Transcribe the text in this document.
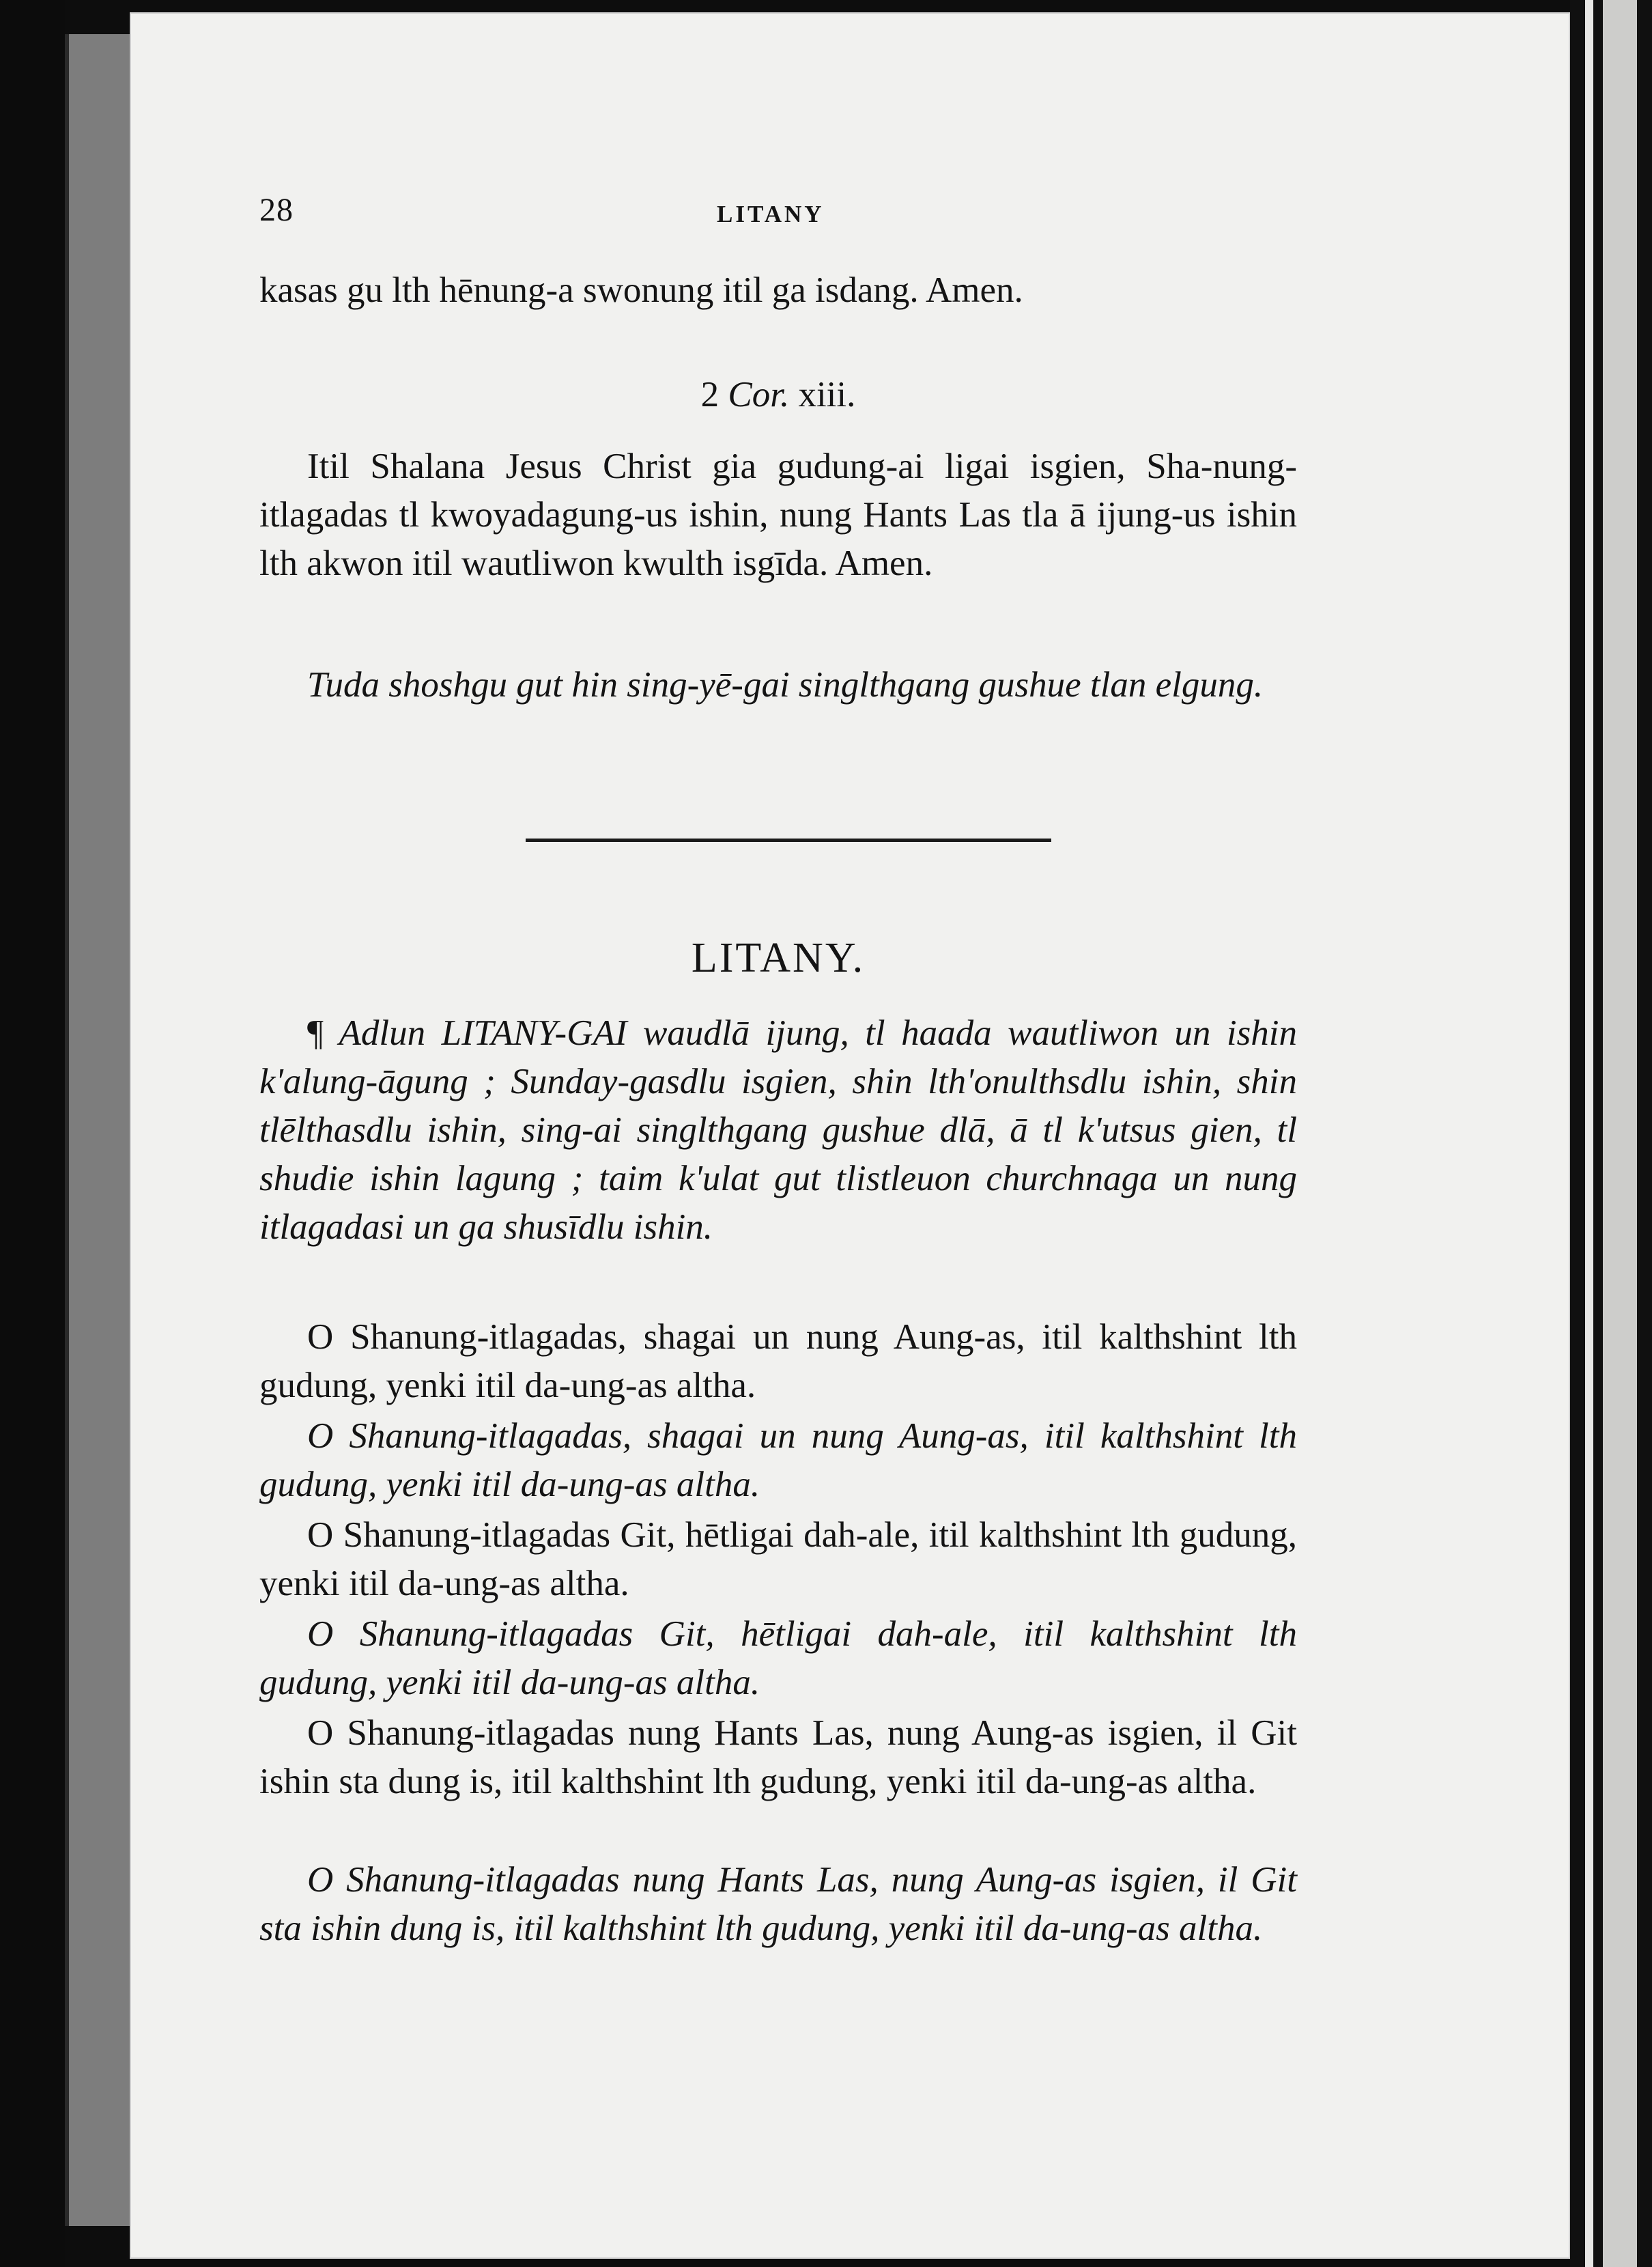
28	LITANY

kasas gu lth hēnung-a swonung itil ga isdang. Amen.

2 Cor. xiii.

Itil Shalana Jesus Christ gia gudung-ai ligai isgien, Sha-nung-itlagadas tl kwoyadagung-us ishin, nung Hants Las tla ā ijung-us ishin lth akwon itil wautliwon kwulth isgīda. Amen.

Tuda shoshgu gut hin sing-yē-gai singlthgang gushue tlan elgung.

LITANY.

¶ Adlun LITANY-GAI waudlā ijung, tl haada wautliwon un ishin k'alung-āgung ; Sunday-gasdlu isgien, shin lth'onulthsdlu ishin, shin tlēlthasdlu ishin, sing-ai singlthgang gushue dlā, ā tl k'utsus gien, tl shudie ishin lagung ; taim k'ulat gut tlistleuon churchnaga un nung itlagadasi un ga shusīdlu ishin.

O Shanung-itlagadas, shagai un nung Aung-as, itil kalthshint lth gudung, yenki itil da-ung-as altha.

O Shanung-itlagadas, shagai un nung Aung-as, itil kalthshint lth gudung, yenki itil da-ung-as altha.

O Shanung-itlagadas Git, hētligai dah-ale, itil kalthshint lth gudung, yenki itil da-ung-as altha.

O Shanung-itlagadas Git, hētligai dah-ale, itil kalthshint lth gudung, yenki itil da-ung-as altha.

O Shanung-itlagadas nung Hants Las, nung Aung-as isgien, il Git ishin sta dung is, itil kalthshint lth gudung, yenki itil da-ung-as altha.

O Shanung-itlagadas nung Hants Las, nung Aung-as isgien, il Git sta ishin dung is, itil kalthshint lth gudung, yenki itil da-ung-as altha.
